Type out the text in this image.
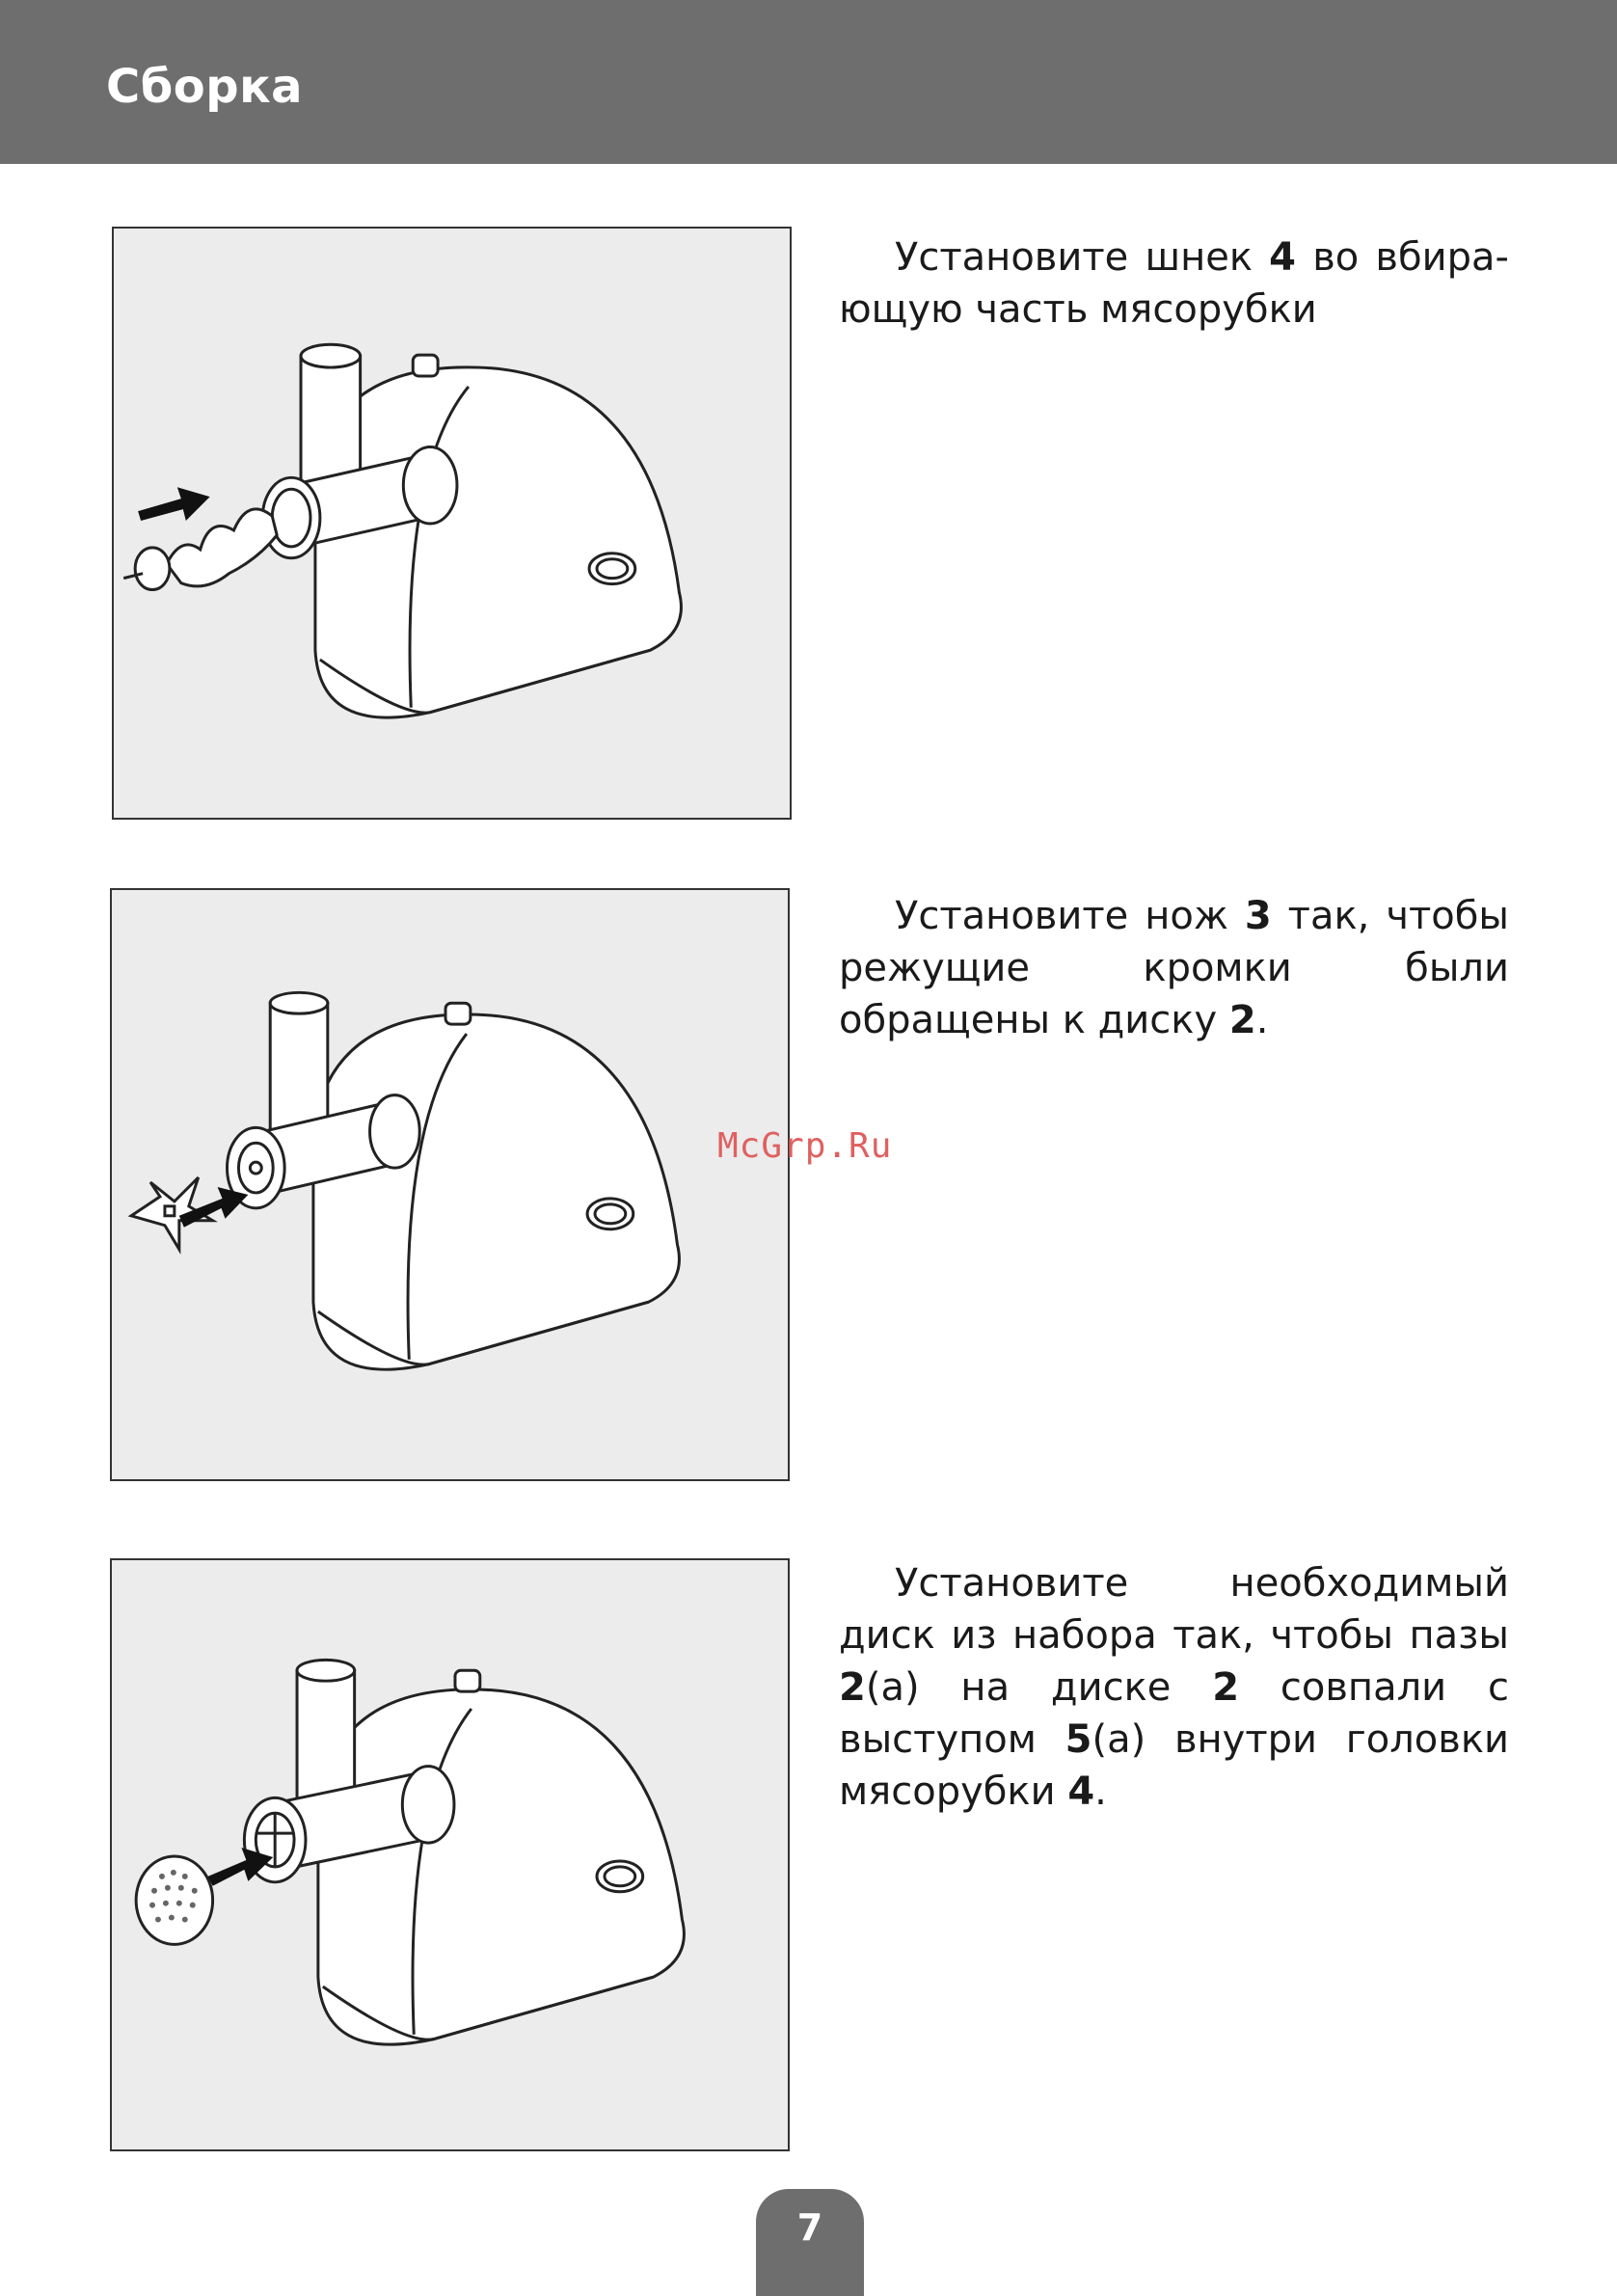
Сборка
Установите шнек 4 во вбира-ющую часть мясорубки
Установите нож 3 так, чтобы режущие кромки были обращены к диску 2.
Установите необходимый диск из набора так, чтобы пазы 2(а) на диске 2 совпали с выступом 5(а) внутри головки мясорубки 4.
McGrp.Ru
7
